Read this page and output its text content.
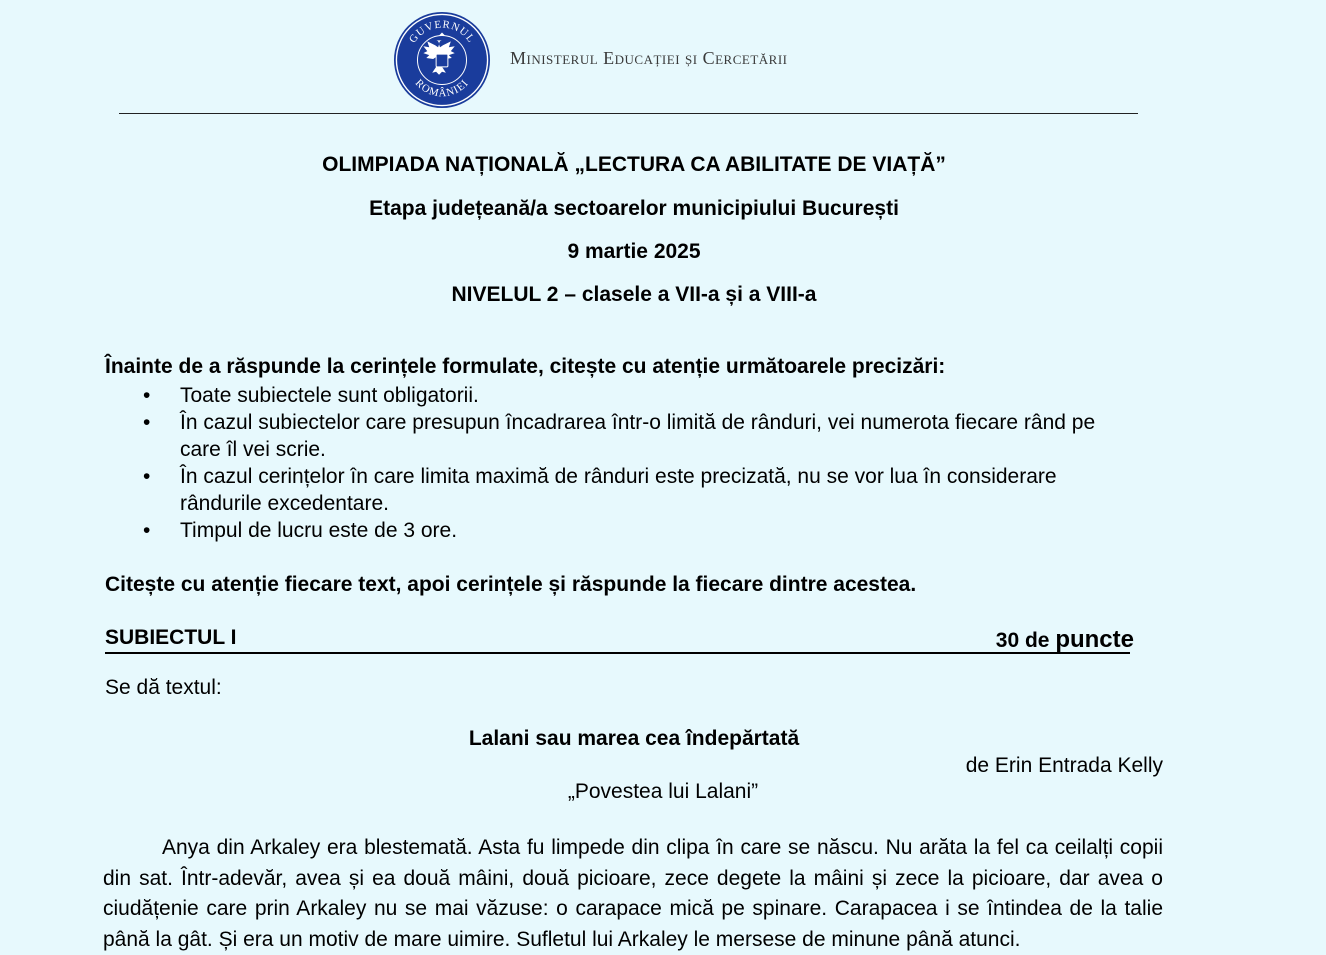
GUVERNUL
ROMÂNIEI
Ministerul Educației și Cercetării
OLIMPIADA NAȚIONALĂ „LECTURA CA ABILITATE DE VIAȚĂ”
Etapa județeană/a sectoarelor municipiului București
9 martie 2025
NIVELUL 2 – clasele a VII-a și a VIII-a
Înainte de a răspunde la cerințele formulate, citește cu atenție următoarele precizări:
• Toate subiectele sunt obligatorii.
• În cazul subiectelor care presupun încadrarea într-o limită de rânduri, vei numerota fiecare rând pe care îl vei scrie.
• În cazul cerințelor în care limita maximă de rânduri este precizată, nu se vor lua în considerare rândurile excedentare.
• Timpul de lucru este de 3 ore.
Citește cu atenție fiecare text, apoi cerințele și răspunde la fiecare dintre acestea.
SUBIECTUL I	30 de puncte
Se dă textul:
Lalani sau marea cea îndepărtată
de Erin Entrada Kelly
„Povestea lui Lalani”

Anya din Arkaley era blestemată. Asta fu limpede din clipa în care se născu. Nu arăta la fel ca ceilalți copii din sat. Într-adevăr, avea și ea două mâini, două picioare, zece degete la mâini și zece la picioare, dar avea o ciudățenie care prin Arkaley nu se mai văzuse: o carapace mică pe spinare. Carapacea i se întindea de la talie până la gât. Și era un motiv de mare uimire. Sufletul lui Arkaley le mersese de minune până atunci.
